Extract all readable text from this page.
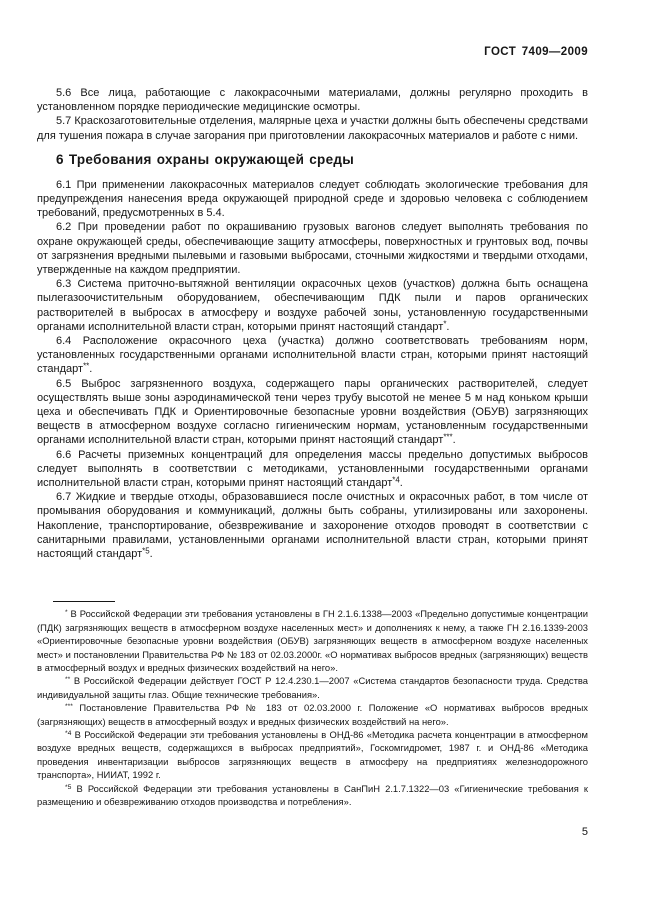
ГОСТ 7409—2009

5.6 Все лица, работающие с лакокрасочными материалами, должны регулярно проходить в установленном порядке периодические медицинские осмотры.

5.7 Краскозаготовительные отделения, малярные цеха и участки должны быть обеспечены средствами для тушения пожара в случае загорания при приготовлении лакокрасочных материалов и работе с ними.

6 Требования охраны окружающей среды

6.1 При применении лакокрасочных материалов следует соблюдать экологические требования для предупреждения нанесения вреда окружающей природной среде и здоровью человека с соблюдением требований, предусмотренных в 5.4.

6.2 При проведении работ по окрашиванию грузовых вагонов следует выполнять требования по охране окружающей среды, обеспечивающие защиту атмосферы, поверхностных и грунтовых вод, почвы от загрязнения вредными пылевыми и газовыми выбросами, сточными жидкостями и твердыми отходами, утвержденные на каждом предприятии.

6.3 Система приточно-вытяжной вентиляции окрасочных цехов (участков) должна быть оснащена пылегазоочистительным оборудованием, обеспечивающим ПДК пыли и паров органических растворителей в выбросах в атмосферу и воздухе рабочей зоны, установленную государственными органами исполнительной власти стран, которыми принят настоящий стандарт*.

6.4 Расположение окрасочного цеха (участка) должно соответствовать требованиям норм, установленных государственными органами исполнительной власти стран, которыми принят настоящий стандарт**.

6.5 Выброс загрязненного воздуха, содержащего пары органических растворителей, следует осуществлять выше зоны аэродинамической тени через трубу высотой не менее 5 м над коньком крыши цеха и обеспечивать ПДК и Ориентировочные безопасные уровни воздействия (ОБУВ) загрязняющих веществ в атмосферном воздухе согласно гигиеническим нормам, установленным государственными органами исполнительной власти стран, которыми принят настоящий стандарт***.

6.6 Расчеты приземных концентраций для определения массы предельно допустимых выбросов следует выполнять в соответствии с методиками, установленными государственными органами исполнительной власти стран, которыми принят настоящий стандарт$^{*4}$.

6.7 Жидкие и твердые отходы, образовавшиеся после очистных и окрасочных работ, в том числе от промывания оборудования и коммуникаций, должны быть собраны, утилизированы или захоронены. Накопление, транспортирование, обезвреживание и захоронение отходов проводят в соответствии с санитарными правилами, установленными органами исполнительной власти стран, которыми принят настоящий стандарт$^{*5}$.

* В Российской Федерации эти требования установлены в ГН 2.1.6.1338—2003 «Предельно допустимые концентрации (ПДК) загрязняющих веществ в атмосферном воздухе населенных мест» и дополнениях к нему, а также ГН 2.16.1339-2003 «Ориентировочные безопасные уровни воздействия (ОБУВ) загрязняющих веществ в атмосферном воздухе населенных мест» и постановлении Правительства РФ № 183 от 02.03.2000г. «О нормативах выбросов вредных (загрязняющих) веществ в атмосферный воздух и вредных физических воздействий на него».

** В Российской Федерации действует ГОСТ Р 12.4.230.1—2007 «Система стандартов безопасности труда. Средства индивидуальной защиты глаз. Общие технические требования».

*** Постановление Правительства РФ № 183 от 02.03.2000 г. Положение «О нормативах выбросов вредных (загрязняющих) веществ в атмосферный воздух и вредных физических воздействий на него».

$^{*4}$ В Российской Федерации эти требования установлены в ОНД-86 «Методика расчета концентрации в атмосферном воздухе вредных веществ, содержащихся в выбросах предприятий», Госкомгидромет, 1987 г. и ОНД-86 «Методика проведения инвентаризации выбросов загрязняющих веществ в атмосферу на предприятиях железнодорожного транспорта», НИИАТ, 1992 г.

$^{*5}$ В Российской Федерации эти требования установлены в СанПиН 2.1.7.1322—03 «Гигиенические требования к размещению и обезвреживанию отходов производства и потребления».

5
